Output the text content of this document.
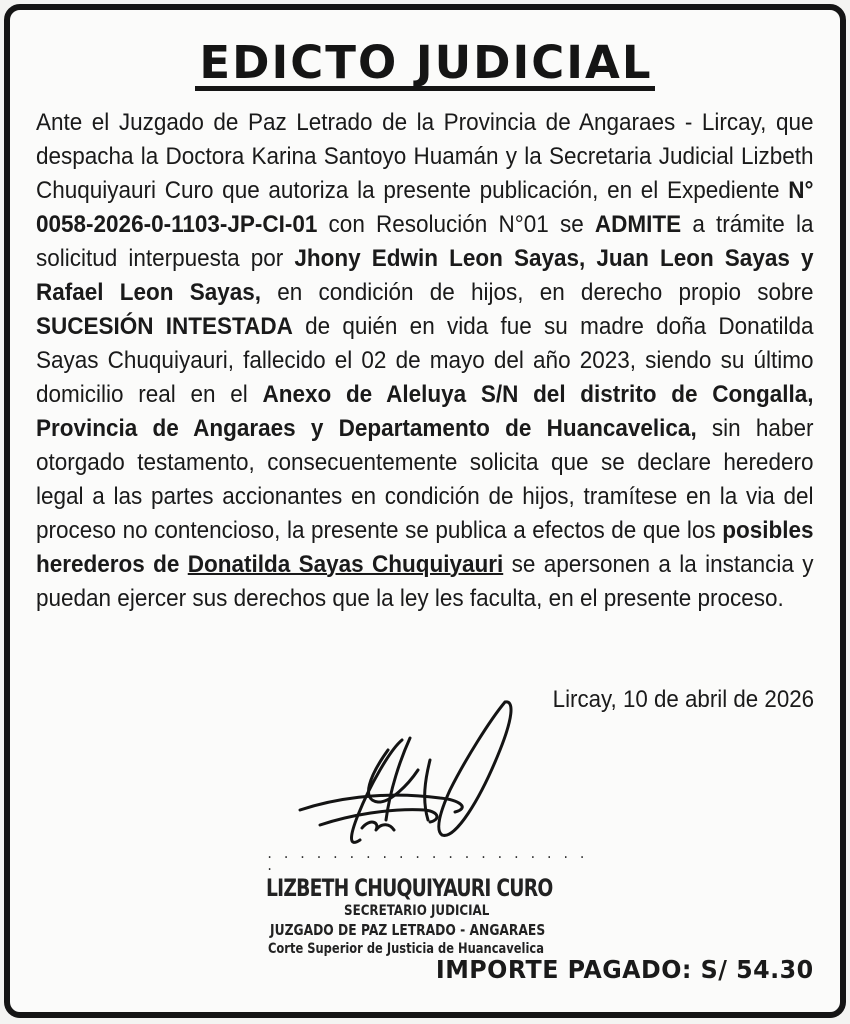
EDICTO JUDICIAL
Ante el Juzgado de Paz Letrado de la Provincia de Angaraes - Lircay, que despacha la Doctora Karina Santoyo Huamán y la Secretaria Judicial Lizbeth Chuquiyauri Curo que autoriza la presente publicación, en el Expediente N° 0058-2026-0-1103-JP-CI-01 con Resolución N°01 se ADMITE a trámite la solicitud interpuesta por Jhony Edwin Leon Sayas, Juan Leon Sayas y Rafael Leon Sayas, en condición de hijos, en derecho propio sobre SUCESIÓN INTESTADA de quién en vida fue su madre doña Donatilda Sayas Chuquiyauri, fallecido el 02 de mayo del año 2023, siendo su último domicilio real en el Anexo de Aleluya S/N del distrito de Congalla, Provincia de Angaraes y Departamento de Huancavelica, sin haber otorgado testamento, consecuentemente solicita que se declare heredero legal a las partes accionantes en condición de hijos, tramítese en la via del proceso no contencioso, la presente se publica a efectos de que los posibles herederos de Donatilda Sayas Chuquiyauri se apersonen a la instancia y puedan ejercer sus derechos que la ley les faculta, en el presente proceso.
Lircay, 10 de abril de 2026
. . . . . . . . . . . . . . . . . . . . .
LIZBETH CHUQUIYAURI CURO
SECRETARIO JUDICIAL
JUZGADO DE PAZ LETRADO - ANGARAES
Corte Superior de Justicia de Huancavelica
IMPORTE PAGADO: S/ 54.30
